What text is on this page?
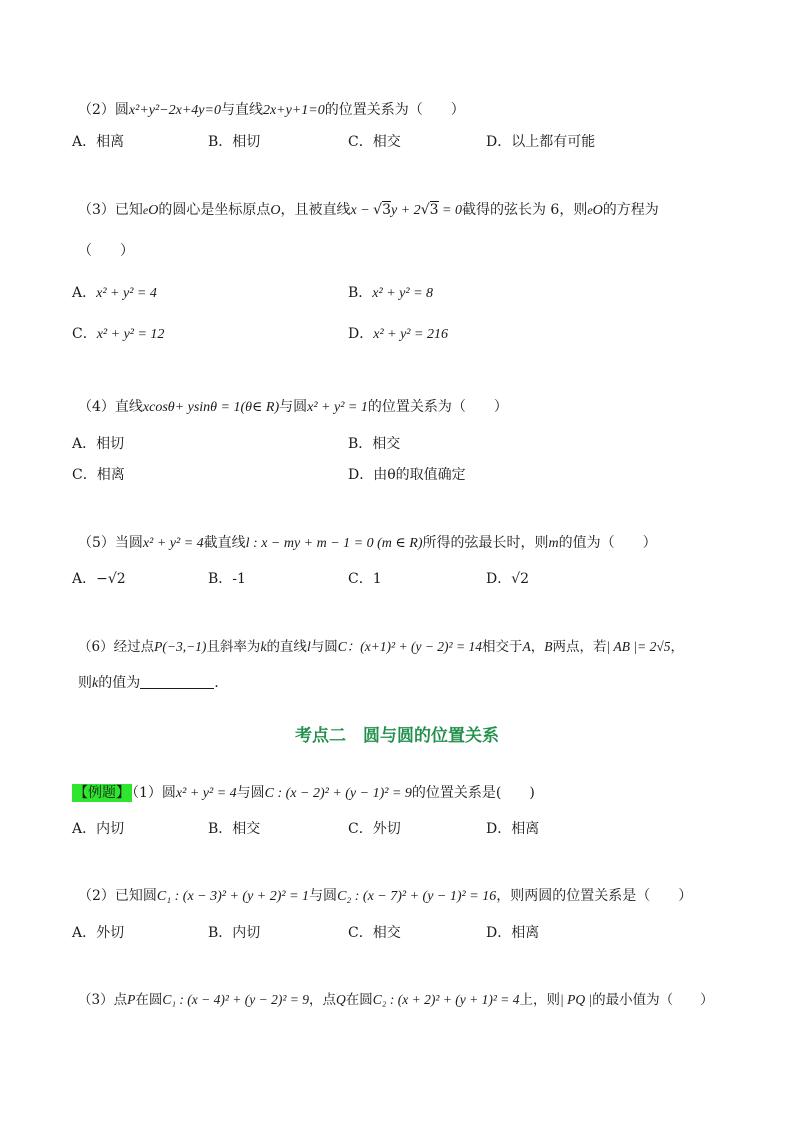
（2）圆x²+y²−2x+4y=0与直线2x+y+1=0的位置关系为（　　）
A．相离	B．相切	C．相交	D．以上都有可能
（3）已知eO的圆心是坐标原点O，且被直线x − √3y + 2√3 = 0截得的弦长为 6，则eO的方程为
（　　）
A．x² + y² = 4	B．x² + y² = 8
C．x² + y² = 12	D．x² + y² = 216
（4）直线xcosθ+ ysinθ = 1(θ∈ R)与圆x² + y² = 1的位置关系为（　　）
A．相切	B．相交
C．相离	D．由θ的取值确定
（5）当圆x² + y² = 4截直线l : x − my + m − 1 = 0 (m ∈ R)所得的弦最长时，则m的值为（　　）
A．−√2	B．-1	C．1	D．√2
（6）经过点P(−3,−1)且斜率为k的直线l与圆C：(x+1)² + (y − 2)² = 14相交于A，B两点，若| AB |= 2√5，
则k的值为	.
考点二　圆与圆的位置关系
【例题】 （1）圆x² + y² = 4与圆C : (x − 2)² + (y − 1)² = 9的位置关系是(　　)
A．内切	B．相交	C．外切	D．相离
（2）已知圆C₁ : (x − 3)² + (y + 2)² = 1与圆C₂ : (x − 7)² + (y − 1)² = 16，则两圆的位置关系是（　　）
A．外切	B．内切	C．相交	D．相离
（3）点P在圆C₁ : (x − 4)² + (y − 2)² = 9，点Q在圆C₂ : (x + 2)² + (y + 1)² = 4上，则| PQ |的最小值为（　　）
